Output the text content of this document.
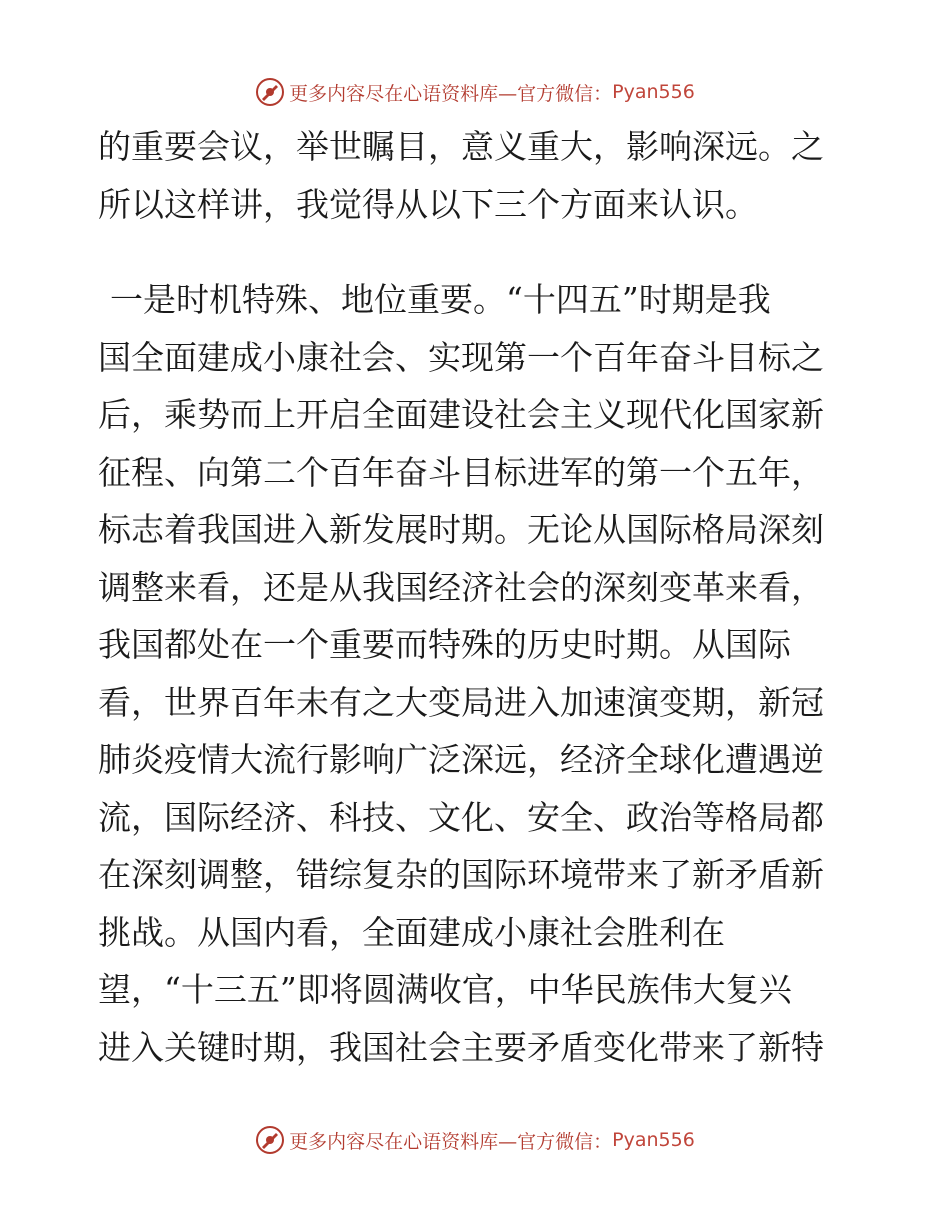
更多内容尽在心语资料库—官方微信： Pyan556
的重要会议，举世瞩目，意义重大，影响深远。之
所以这样讲，我觉得从以下三个方面来认识。
一是时机特殊、地位重要。“十四五”时期是我
国全面建成小康社会、实现第一个百年奋斗目标之
后，乘势而上开启全面建设社会主义现代化国家新
征程、向第二个百年奋斗目标进军的第一个五年，
标志着我国进入新发展时期。无论从国际格局深刻
调整来看，还是从我国经济社会的深刻变革来看，
我国都处在一个重要而特殊的历史时期。从国际
看，世界百年未有之大变局进入加速演变期，新冠
肺炎疫情大流行影响广泛深远，经济全球化遭遇逆
流，国际经济、科技、文化、安全、政治等格局都
在深刻调整，错综复杂的国际环境带来了新矛盾新
挑战。从国内看，全面建成小康社会胜利在
望，“十三五”即将圆满收官，中华民族伟大复兴
进入关键时期，我国社会主要矛盾变化带来了新特
更多内容尽在心语资料库—官方微信： Pyan556
